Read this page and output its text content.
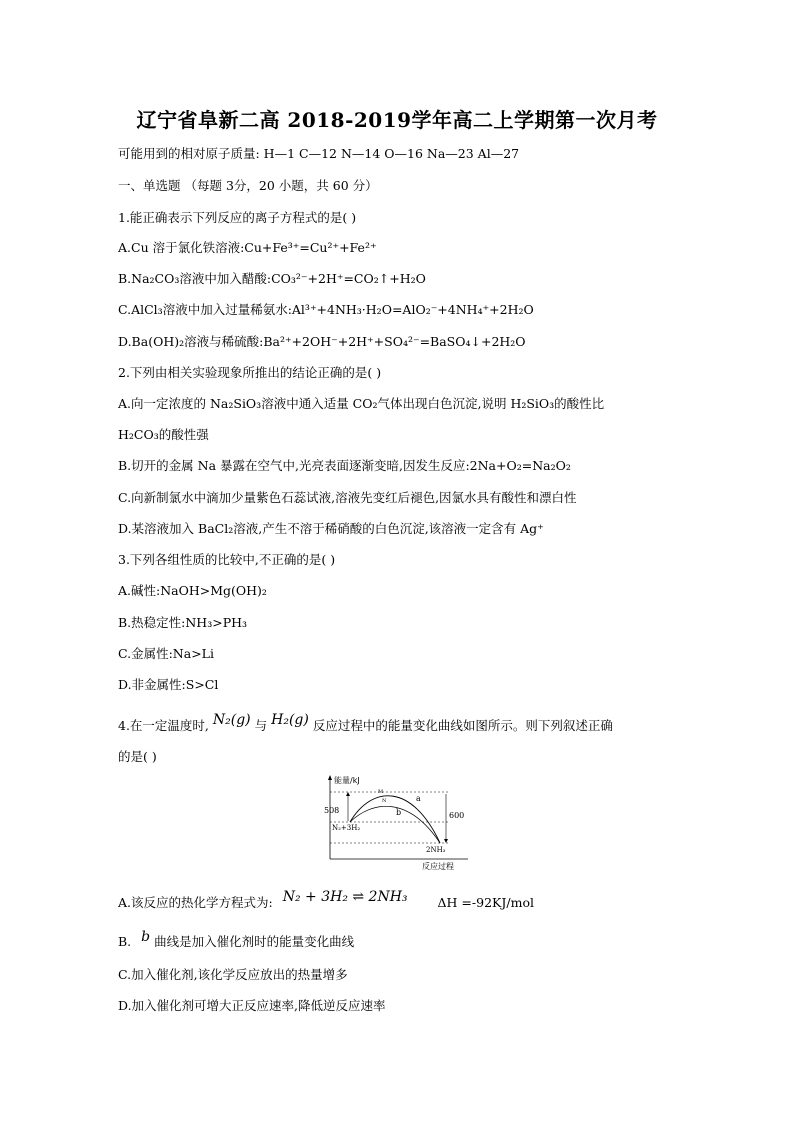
辽宁省阜新二高 2018-2019学年高二上学期第一次月考
可能用到的相对原子质量: H—1 C—12 N—14 O—16 Na—23 Al—27
一、单选题 （每题 3分，20 小题，共 60 分）
1.能正确表示下列反应的离子方程式的是( )
A.Cu 溶于氯化铁溶液:Cu+Fe³⁺=Cu²⁺+Fe²⁺
B.Na₂CO₃溶液中加入醋酸:CO₃²⁻+2H⁺=CO₂↑+H₂O
C.AlCl₃溶液中加入过量稀氨水:Al³⁺+4NH₃·H₂O=AlO₂⁻+4NH₄⁺+2H₂O
D.Ba(OH)₂溶液与稀硫酸:Ba²⁺+2OH⁻+2H⁺+SO₄²⁻=BaSO₄↓+2H₂O
2.下列由相关实验现象所推出的结论正确的是( )
A.向一定浓度的 Na₂SiO₃溶液中通入适量 CO₂气体出现白色沉淀,说明 H₂SiO₃的酸性比
H₂CO₃的酸性强
B.切开的金属 Na 暴露在空气中,光亮表面逐渐变暗,因发生反应:2Na+O₂=Na₂O₂
C.向新制氯水中滴加少量紫色石蕊试液,溶液先变红后褪色,因氯水具有酸性和漂白性
D.某溶液加入 BaCl₂溶液,产生不溶于稀硝酸的白色沉淀,该溶液一定含有 Ag⁺
3.下列各组性质的比较中,不正确的是( )
A.碱性:NaOH>Mg(OH)₂
B.热稳定性:NH₃>PH₃
C.金属性:Na>Li
D.非金属性:S>Cl
4.在一定温度时, N₂(g) 与 H₂(g) 反应过程中的能量变化曲线如图所示。则下列叙述正确
的是( )
能量/kJ
反应过程
508
600
M
N	a
b
N₂+3H₂
2NH₃
A.该反应的热化学方程式为: N₂ + 3H₂ ⇌ 2NH₃ ΔH =-92KJ/mol
B. b 曲线是加入催化剂时的能量变化曲线
C.加入催化剂,该化学反应放出的热量增多
D.加入催化剂可增大正反应速率,降低逆反应速率
